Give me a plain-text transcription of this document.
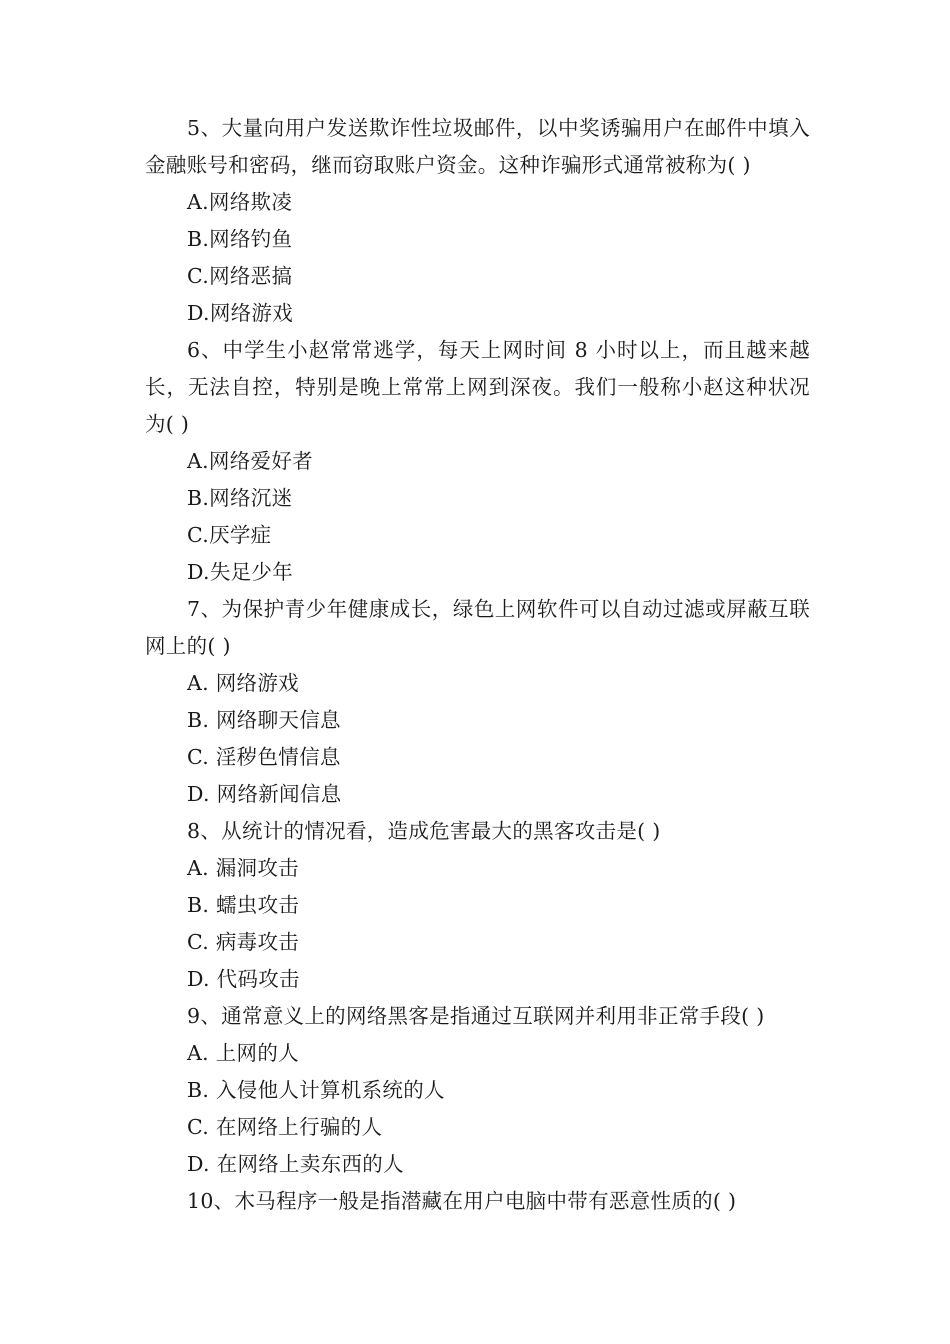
5、大量向用户发送欺诈性垃圾邮件，以中奖诱骗用户在邮件中填入金融账号和密码，继而窃取账户资金。这种诈骗形式通常被称为( )

A.网络欺凌

B.网络钓鱼

C.网络恶搞

D.网络游戏

6、中学生小赵常常逃学，每天上网时间 8 小时以上，而且越来越长，无法自控，特别是晚上常常上网到深夜。我们一般称小赵这种状况为( )

A.网络爱好者

B.网络沉迷

C.厌学症

D.失足少年

7、为保护青少年健康成长，绿色上网软件可以自动过滤或屏蔽互联网上的( )

A. 网络游戏

B. 网络聊天信息

C. 淫秽色情信息

D. 网络新闻信息

8、从统计的情况看，造成危害最大的黑客攻击是( )

A. 漏洞攻击

B. 蠕虫攻击

C. 病毒攻击

D. 代码攻击

9、通常意义上的网络黑客是指通过互联网并利用非正常手段( )

A. 上网的人

B. 入侵他人计算机系统的人

C. 在网络上行骗的人

D. 在网络上卖东西的人

10、木马程序一般是指潜藏在用户电脑中带有恶意性质的( )
